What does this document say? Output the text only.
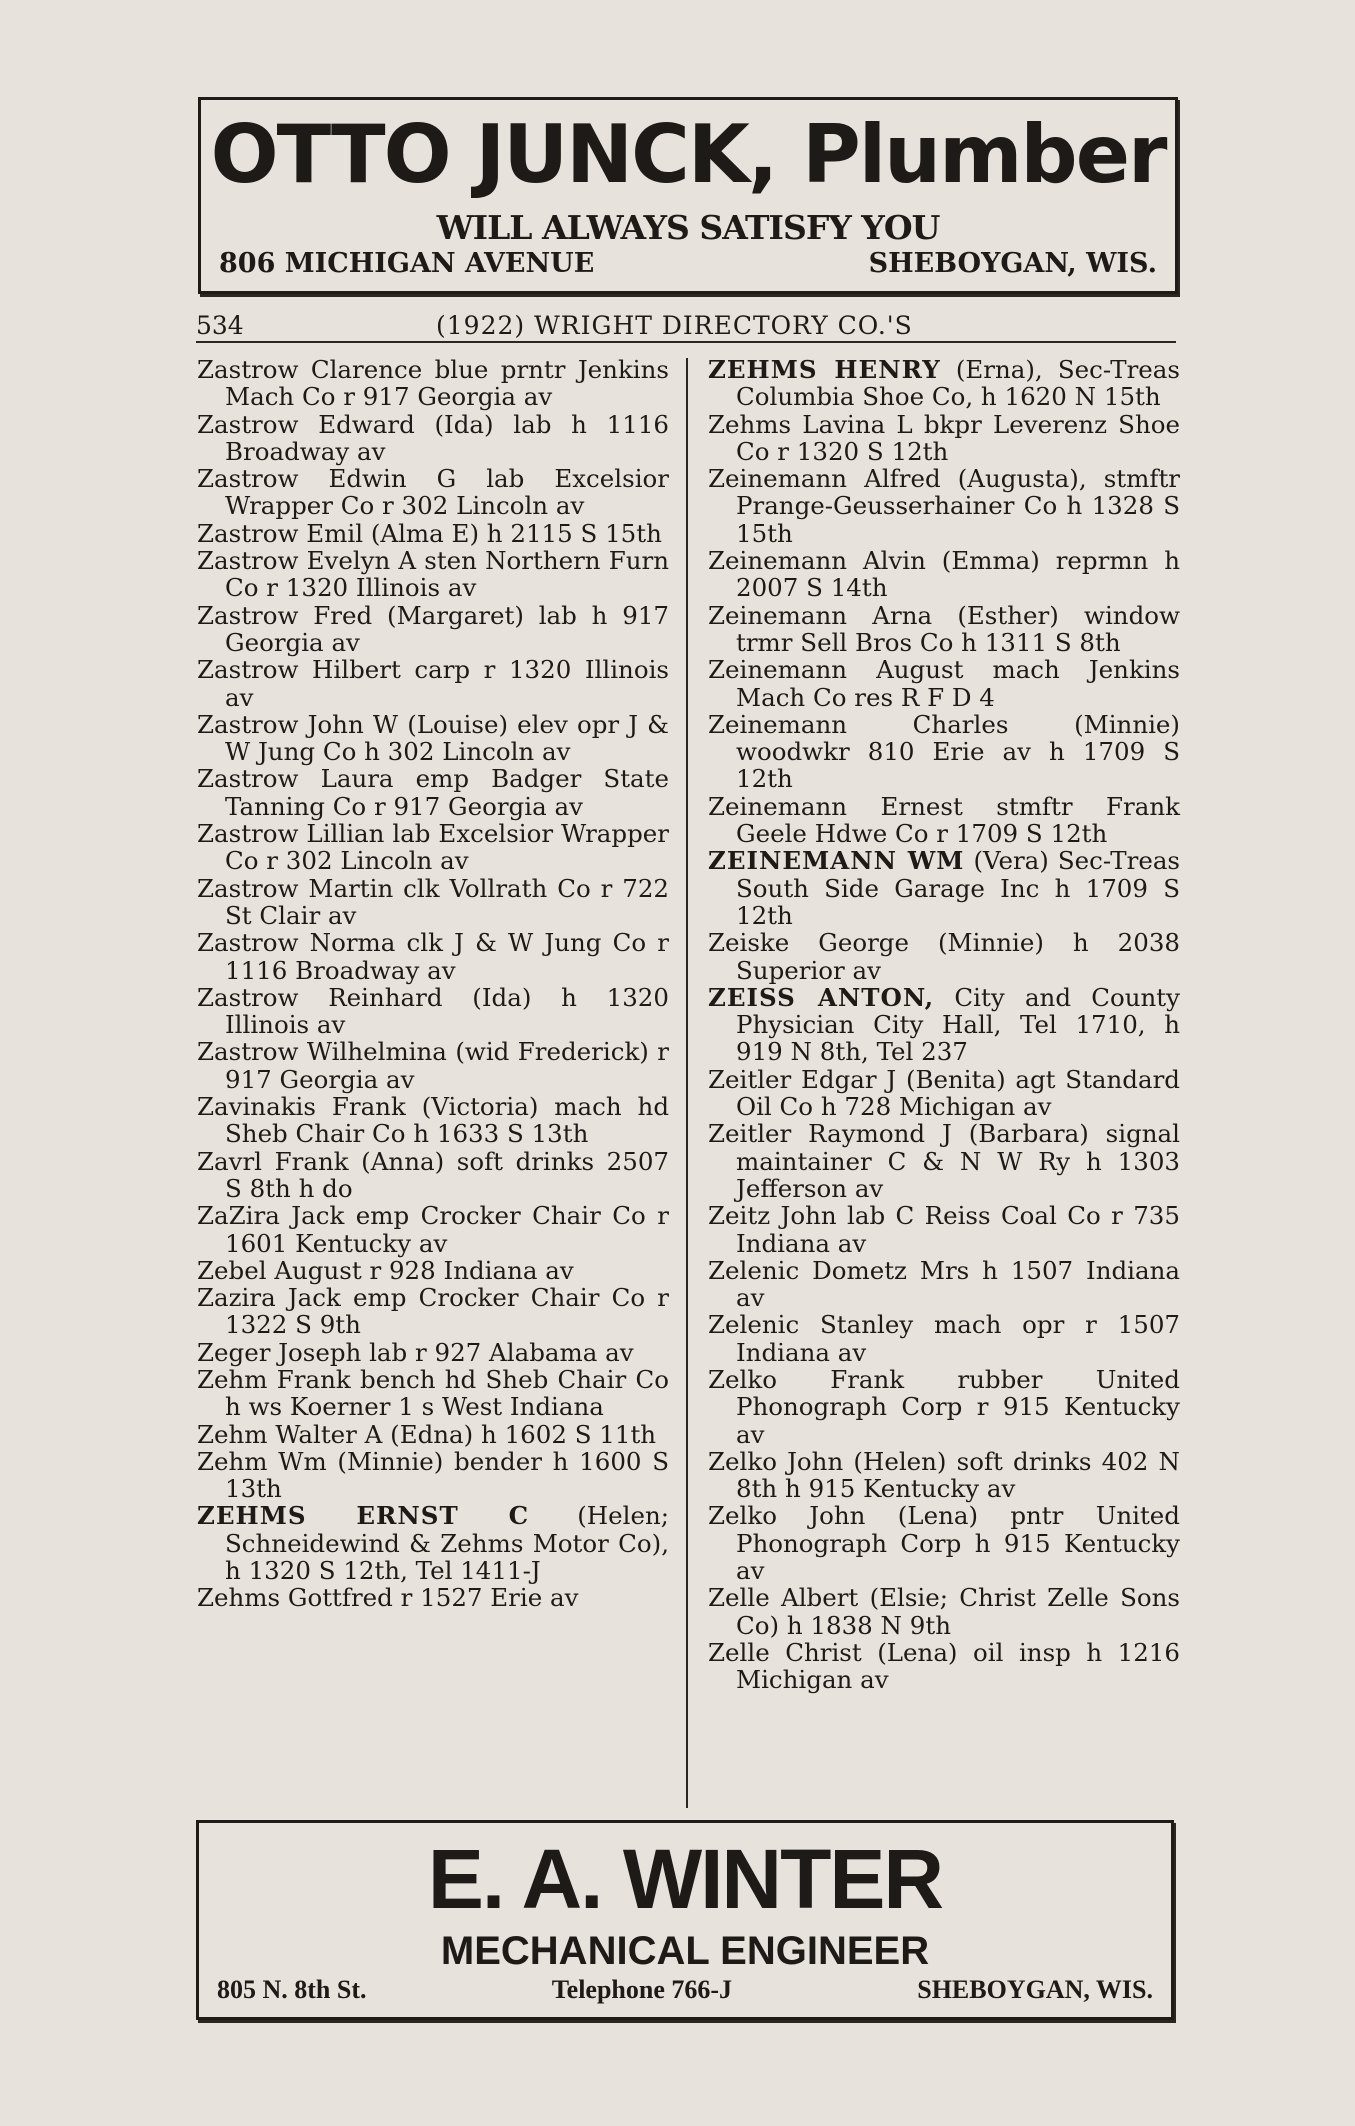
OTTO JUNCK, Plumber
WILL ALWAYS SATISFY YOU
806 MICHIGAN AVENUE	SHEBOYGAN, WIS.
534	(1922) WRIGHT DIRECTORY CO.'S

Zastrow Clarence blue prntr Jenkins Mach Co r 917 Georgia av

Zastrow Edward (Ida) lab h 1116 Broadway av

Zastrow Edwin G lab Excelsior Wrapper Co r 302 Lincoln av

Zastrow Emil (Alma E) h 2115 S 15th

Zastrow Evelyn A sten Northern Furn Co r 1320 Illinois av

Zastrow Fred (Margaret) lab h 917 Georgia av

Zastrow Hilbert carp r 1320 Illinois av

Zastrow John W (Louise) elev opr J & W Jung Co h 302 Lincoln av

Zastrow Laura emp Badger State Tanning Co r 917 Georgia av

Zastrow Lillian lab Excelsior Wrapper Co r 302 Lincoln av

Zastrow Martin clk Vollrath Co r 722 St Clair av

Zastrow Norma clk J & W Jung Co r 1116 Broadway av

Zastrow Reinhard (Ida) h 1320 Illinois av

Zastrow Wilhelmina (wid Frederick) r 917 Georgia av

Zavinakis Frank (Victoria) mach hd Sheb Chair Co h 1633 S 13th

Zavrl Frank (Anna) soft drinks 2507 S 8th h do

ZaZira Jack emp Crocker Chair Co r 1601 Kentucky av

Zebel August r 928 Indiana av

Zazira Jack emp Crocker Chair Co r 1322 S 9th

Zeger Joseph lab r 927 Alabama av

Zehm Frank bench hd Sheb Chair Co h ws Koerner 1 s West Indiana

Zehm Walter A (Edna) h 1602 S 11th

Zehm Wm (Minnie) bender h 1600 S 13th

ZEHMS ERNST C (Helen; Schneidewind & Zehms Motor Co), h 1320 S 12th, Tel 1411-J

Zehms Gottfred r 1527 Erie av

ZEHMS HENRY (Erna), Sec-Treas Columbia Shoe Co, h 1620 N 15th

Zehms Lavina L bkpr Leverenz Shoe Co r 1320 S 12th

Zeinemann Alfred (Augusta), stmftr Prange-Geusserhainer Co h 1328 S 15th

Zeinemann Alvin (Emma) reprmn h 2007 S 14th

Zeinemann Arna (Esther) window trmr Sell Bros Co h 1311 S 8th

Zeinemann August mach Jenkins Mach Co res R F D 4

Zeinemann Charles (Minnie) woodwkr 810 Erie av h 1709 S 12th

Zeinemann Ernest stmftr Frank Geele Hdwe Co r 1709 S 12th

ZEINEMANN WM (Vera) Sec-Treas South Side Garage Inc h 1709 S 12th

Zeiske George (Minnie) h 2038 Superior av

ZEISS ANTON, City and County Physician City Hall, Tel 1710, h 919 N 8th, Tel 237

Zeitler Edgar J (Benita) agt Standard Oil Co h 728 Michigan av

Zeitler Raymond J (Barbara) signal maintainer C & N W Ry h 1303 Jefferson av

Zeitz John lab C Reiss Coal Co r 735 Indiana av

Zelenic Dometz Mrs h 1507 Indiana av

Zelenic Stanley mach opr r 1507 Indiana av

Zelko Frank rubber United Phonograph Corp r 915 Kentucky av

Zelko John (Helen) soft drinks 402 N 8th h 915 Kentucky av

Zelko John (Lena) pntr United Phonograph Corp h 915 Kentucky av

Zelle Albert (Elsie; Christ Zelle Sons Co) h 1838 N 9th

Zelle Christ (Lena) oil insp h 1216 Michigan av

E. A. WINTER
MECHANICAL ENGINEER
805 N. 8th St.	Telephone 766-J	SHEBOYGAN, WIS.
